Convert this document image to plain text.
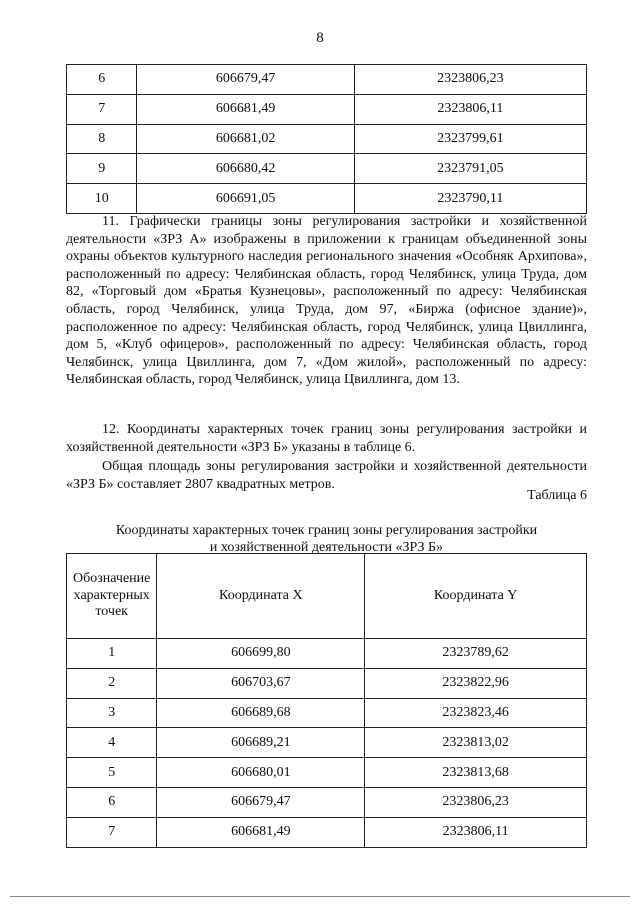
8
6	606679,47	2323806,23
7	606681,49	2323806,11
8	606681,02	2323799,61
9	606680,42	2323791,05
10	606691,05	2323790,11

11. Графически границы зоны регулирования застройки и хозяйственной деятельности «ЗРЗ А» изображены в приложении к границам объединенной зоны охраны объектов культурного наследия регионального значения «Особняк Архипова», расположенный по адресу: Челябинская область, город Челябинск, улица Труда, дом 82, «Торговый дом «Братья Кузнецовы», расположенный по адресу: Челябинская область, город Челябинск, улица Труда, дом 97, «Биржа (офисное здание)», расположенное по адресу: Челябинская область, город Челябинск, улица Цвиллинга, дом 5, «Клуб офицеров», расположенный по адресу: Челябинская область, город Челябинск, улица Цвиллинга, дом 7, «Дом жилой», расположенный по адресу: Челябинская область, город Челябинск, улица Цвиллинга, дом 13.

12. Координаты характерных точек границ зоны регулирования застройки и хозяйственной деятельности «ЗРЗ Б» указаны в таблице 6.

Общая площадь зоны регулирования застройки и хозяйственной деятельности «ЗРЗ Б» составляет 2807 квадратных метров.

Таблица 6
Координаты характерных точек границ зоны регулирования застройки
и хозяйственной деятельности «ЗРЗ Б»
Обозначение характерных точек	Координата X	Координата Y
1	606699,80	2323789,62
2	606703,67	2323822,96
3	606689,68	2323823,46
4	606689,21	2323813,02
5	606680,01	2323813,68
6	606679,47	2323806,23
7	606681,49	2323806,11
